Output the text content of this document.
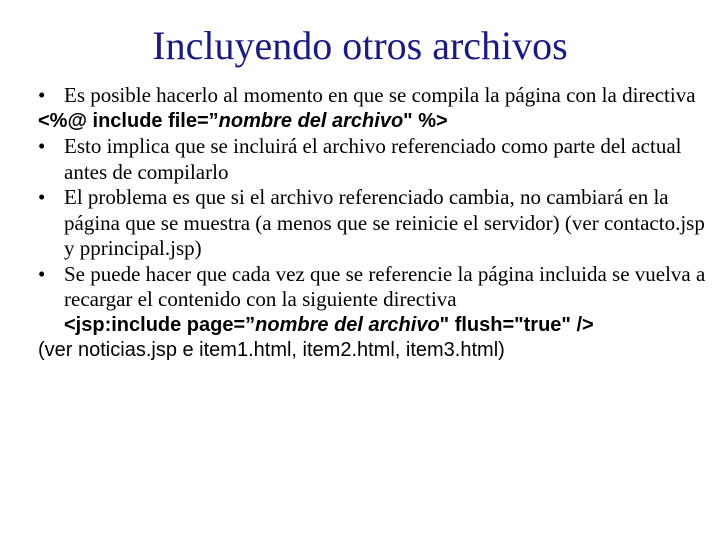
Incluyendo otros archivos
• Es posible hacerlo al momento en que se compila la página con la directiva
<%@ include file=”nombre del archivo" %>
• Esto implica que se incluirá el archivo referenciado como parte del actual antes de compilarlo
• El problema es que si el archivo referenciado cambia, no cambiará en la página que se muestra (a menos que se reinicie el servidor) (ver contacto.jsp y pprincipal.jsp)
• Se puede hacer que cada vez que se referencie la página incluida se vuelva a recargar el contenido con la siguiente directiva
<jsp:include page=”nombre del archivo" flush="true" />
(ver noticias.jsp e item1.html, item2.html, item3.html)
